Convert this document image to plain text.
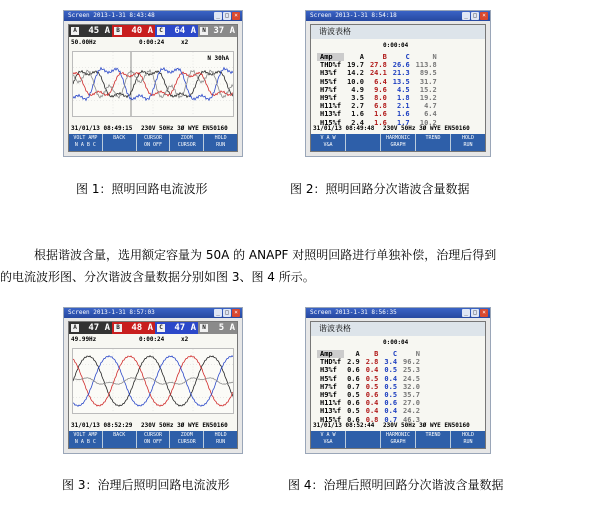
Screen 2013-1-31 8:43:48	_ □ ×
A 45 A	B 40 A	C 64 A	N 37 A
50.00Hz	0:00:24	x2
N 30hA
31/01/13 08:49:15 230V 50Hz 3Ø WYE EN50160
VOLT AMP
N A B C
BACK	CURSOR
ON OFF
ZOOM
CURSOR
HOLD
RUN
Screen 2013-1-31 8:54:18	_ □ ×
谐波表格
0:00:04
Amp	A	B	C	N
THD%f	19.7	27.8	26.6	113.8
H3%f	14.2	24.1	21.3	89.5
H5%f	10.0	6.4	13.5	31.7
H7%f	4.9	9.6	4.5	15.2
H9%f	3.5	8.0	1.8	19.2
H11%f	2.7	6.8	2.1	4.7
H13%f	1.6	1.6	1.6	6.4
H15%f	2.4	1.6	1.7	10.2
31/01/13 08:49:48 230V 50Hz 3Ø WYE EN50160
V A W
V&A
HARMONIC
GRAPH
TREND	HOLD
RUN
图 1：照明回路电流波形	图 2：照明回路分次谐波含量数据
根据谐波含量，选用额定容量为 50A 的 ANAPF 对照明回路进行单独补偿，治理后得到
的电流波形图、分次谐波含量数据分别如图 3、图 4 所示。
Screen 2013-1-31 8:57:03	_ □ ×
A 47 A	B 48 A	C 47 A	N 5 A
49.99Hz	0:00:24	x2
31/01/13 08:52:29 230V 50Hz 3Ø WYE EN50160
VOLT AMP
N A B C
BACK	CURSOR
ON OFF
ZOOM
CURSOR
HOLD
RUN
Screen 2013-1-31 8:56:35	_ □ ×
谐波表格
0:00:04
Amp	A	B	C	N
THD%f	2.9	2.8	3.4	96.2
H3%f	0.6	0.4	0.5	25.3
H5%f	0.6	0.5	0.4	24.5
H7%f	0.7	0.5	0.5	32.0
H9%f	0.5	0.6	0.5	35.7
H11%f	0.6	0.4	0.6	27.0
H13%f	0.5	0.4	0.4	24.2
H15%f	0.6	0.8	0.7	46.3
31/01/13 08:52:44 230V 50Hz 3Ø WYE EN50160
V A W
V&A
HARMONIC
GRAPH
TREND	HOLD
RUN
图 3：治理后照明回路电流波形	图 4：治理后照明回路分次谐波含量数据
